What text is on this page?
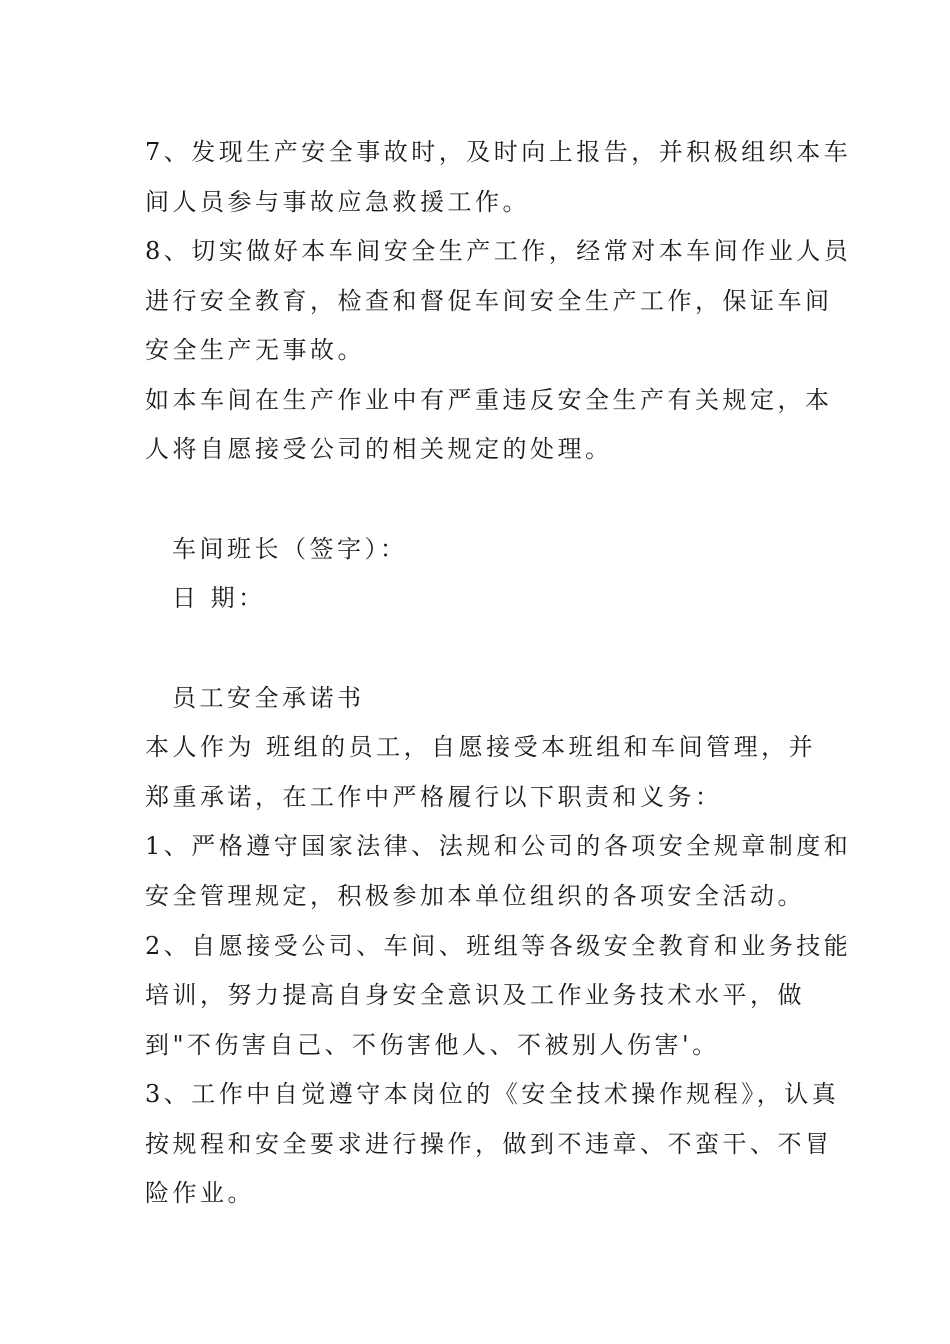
7、发现生产安全事故时，及时向上报告，并积极组织本车
间人员参与事故应急救援工作。
8、切实做好本车间安全生产工作，经常对本车间作业人员
进行安全教育，检查和督促车间安全生产工作，保证车间
安全生产无事故。
如本车间在生产作业中有严重违反安全生产有关规定，本
人将自愿接受公司的相关规定的处理。
车间班长（签字）：
日 期：
员工安全承诺书
本人作为 班组的员工，自愿接受本班组和车间管理，并
郑重承诺，在工作中严格履行以下职责和义务：
1、严格遵守国家法律、法规和公司的各项安全规章制度和
安全管理规定，积极参加本单位组织的各项安全活动。
2、自愿接受公司、车间、班组等各级安全教育和业务技能
培训，努力提高自身安全意识及工作业务技术水平，做
到"不伤害自己、不伤害他人、不被别人伤害'。
3、工作中自觉遵守本岗位的《安全技术操作规程》，认真
按规程和安全要求进行操作，做到不违章、不蛮干、不冒
险作业。
